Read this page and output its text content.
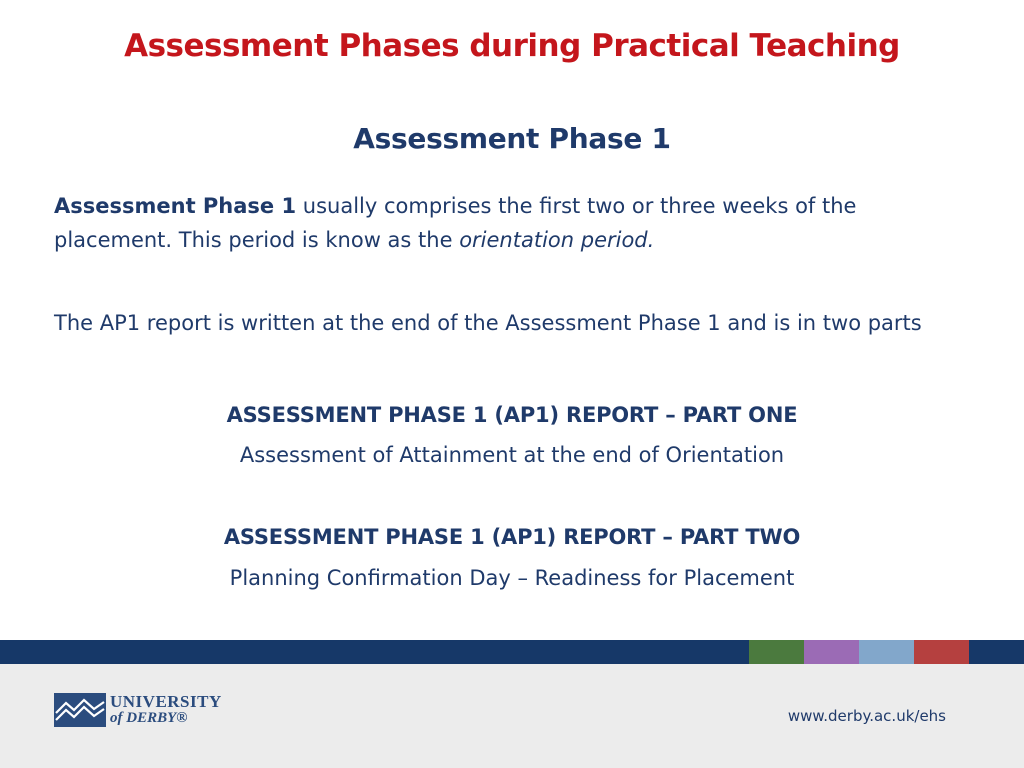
Assessment Phases during Practical Teaching
Assessment Phase 1
Assessment Phase 1 usually comprises the first two or three weeks of the placement. This period is know as the orientation period.
The AP1 report is written at the end of the Assessment Phase 1 and is in two parts
ASSESSMENT PHASE 1 (AP1) REPORT – PART ONE
Assessment of Attainment at the end of Orientation
ASSESSMENT PHASE 1 (AP1) REPORT – PART TWO
Planning Confirmation Day – Readiness for Placement
UNIVERSITY
of DERBY®	www.derby.ac.uk/ehs
